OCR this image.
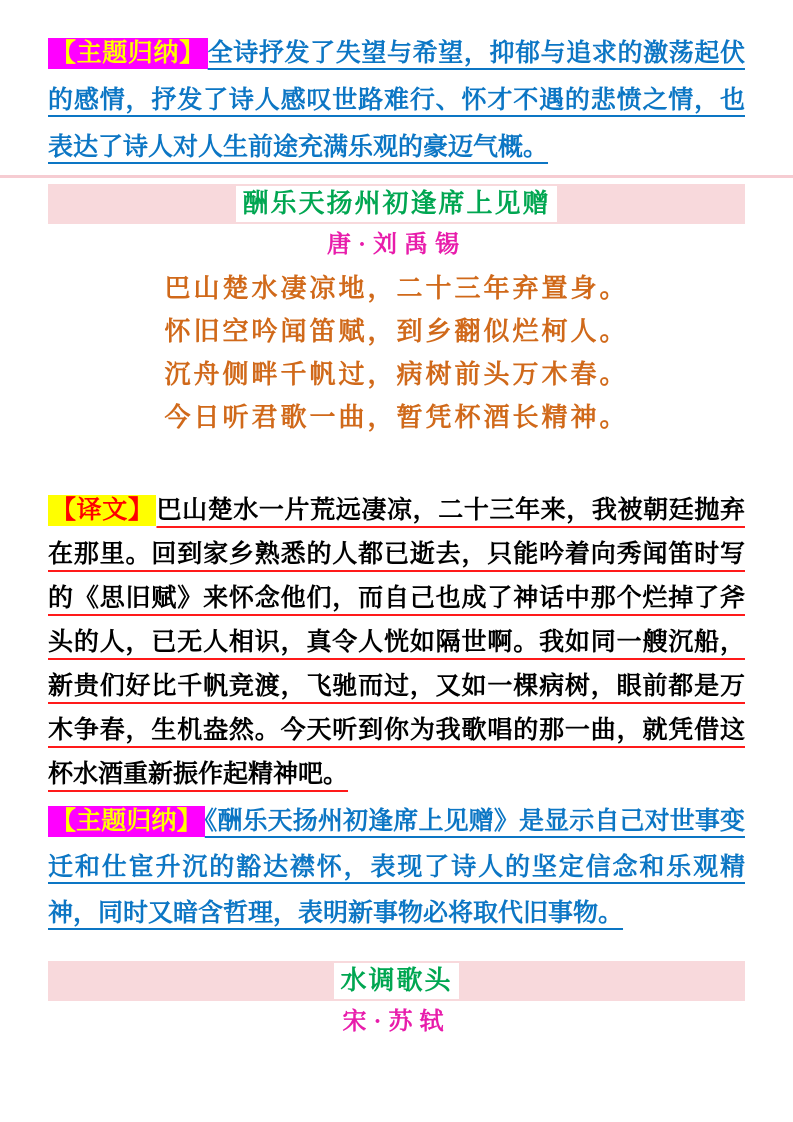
【主题归纳】 全诗抒发了失望与希望，抑郁与追求的激荡起伏的感情，抒发了诗人感叹世路难行、怀才不遇的悲愤之情，也表达了诗人对人生前途充满乐观的豪迈气概。

酬乐天扬州初逢席上见赠
唐·刘禹锡
巴山楚水凄凉地，二十三年弃置身。
怀旧空吟闻笛赋，到乡翻似烂柯人。
沉舟侧畔千帆过，病树前头万木春。
今日听君歌一曲，暂凭杯酒长精神。

【译文】 巴山楚水一片荒远凄凉，二十三年来，我被朝廷抛弃在那里。回到家乡熟悉的人都已逝去，只能吟着向秀闻笛时写的《思旧赋》来怀念他们，而自己也成了神话中那个烂掉了斧头的人，已无人相识，真令人恍如隔世啊。我如同一艘沉船，新贵们好比千帆竞渡，飞驰而过，又如一棵病树，眼前都是万木争春，生机盎然。今天听到你为我歌唱的那一曲，就凭借这杯水酒重新振作起精神吧。

【主题归纳】 《酬乐天扬州初逢席上见赠》是显示自己对世事变迁和仕宦升沉的豁达襟怀，表现了诗人的坚定信念和乐观精神，同时又暗含哲理，表明新事物必将取代旧事物。

水调歌头
宋·苏轼
